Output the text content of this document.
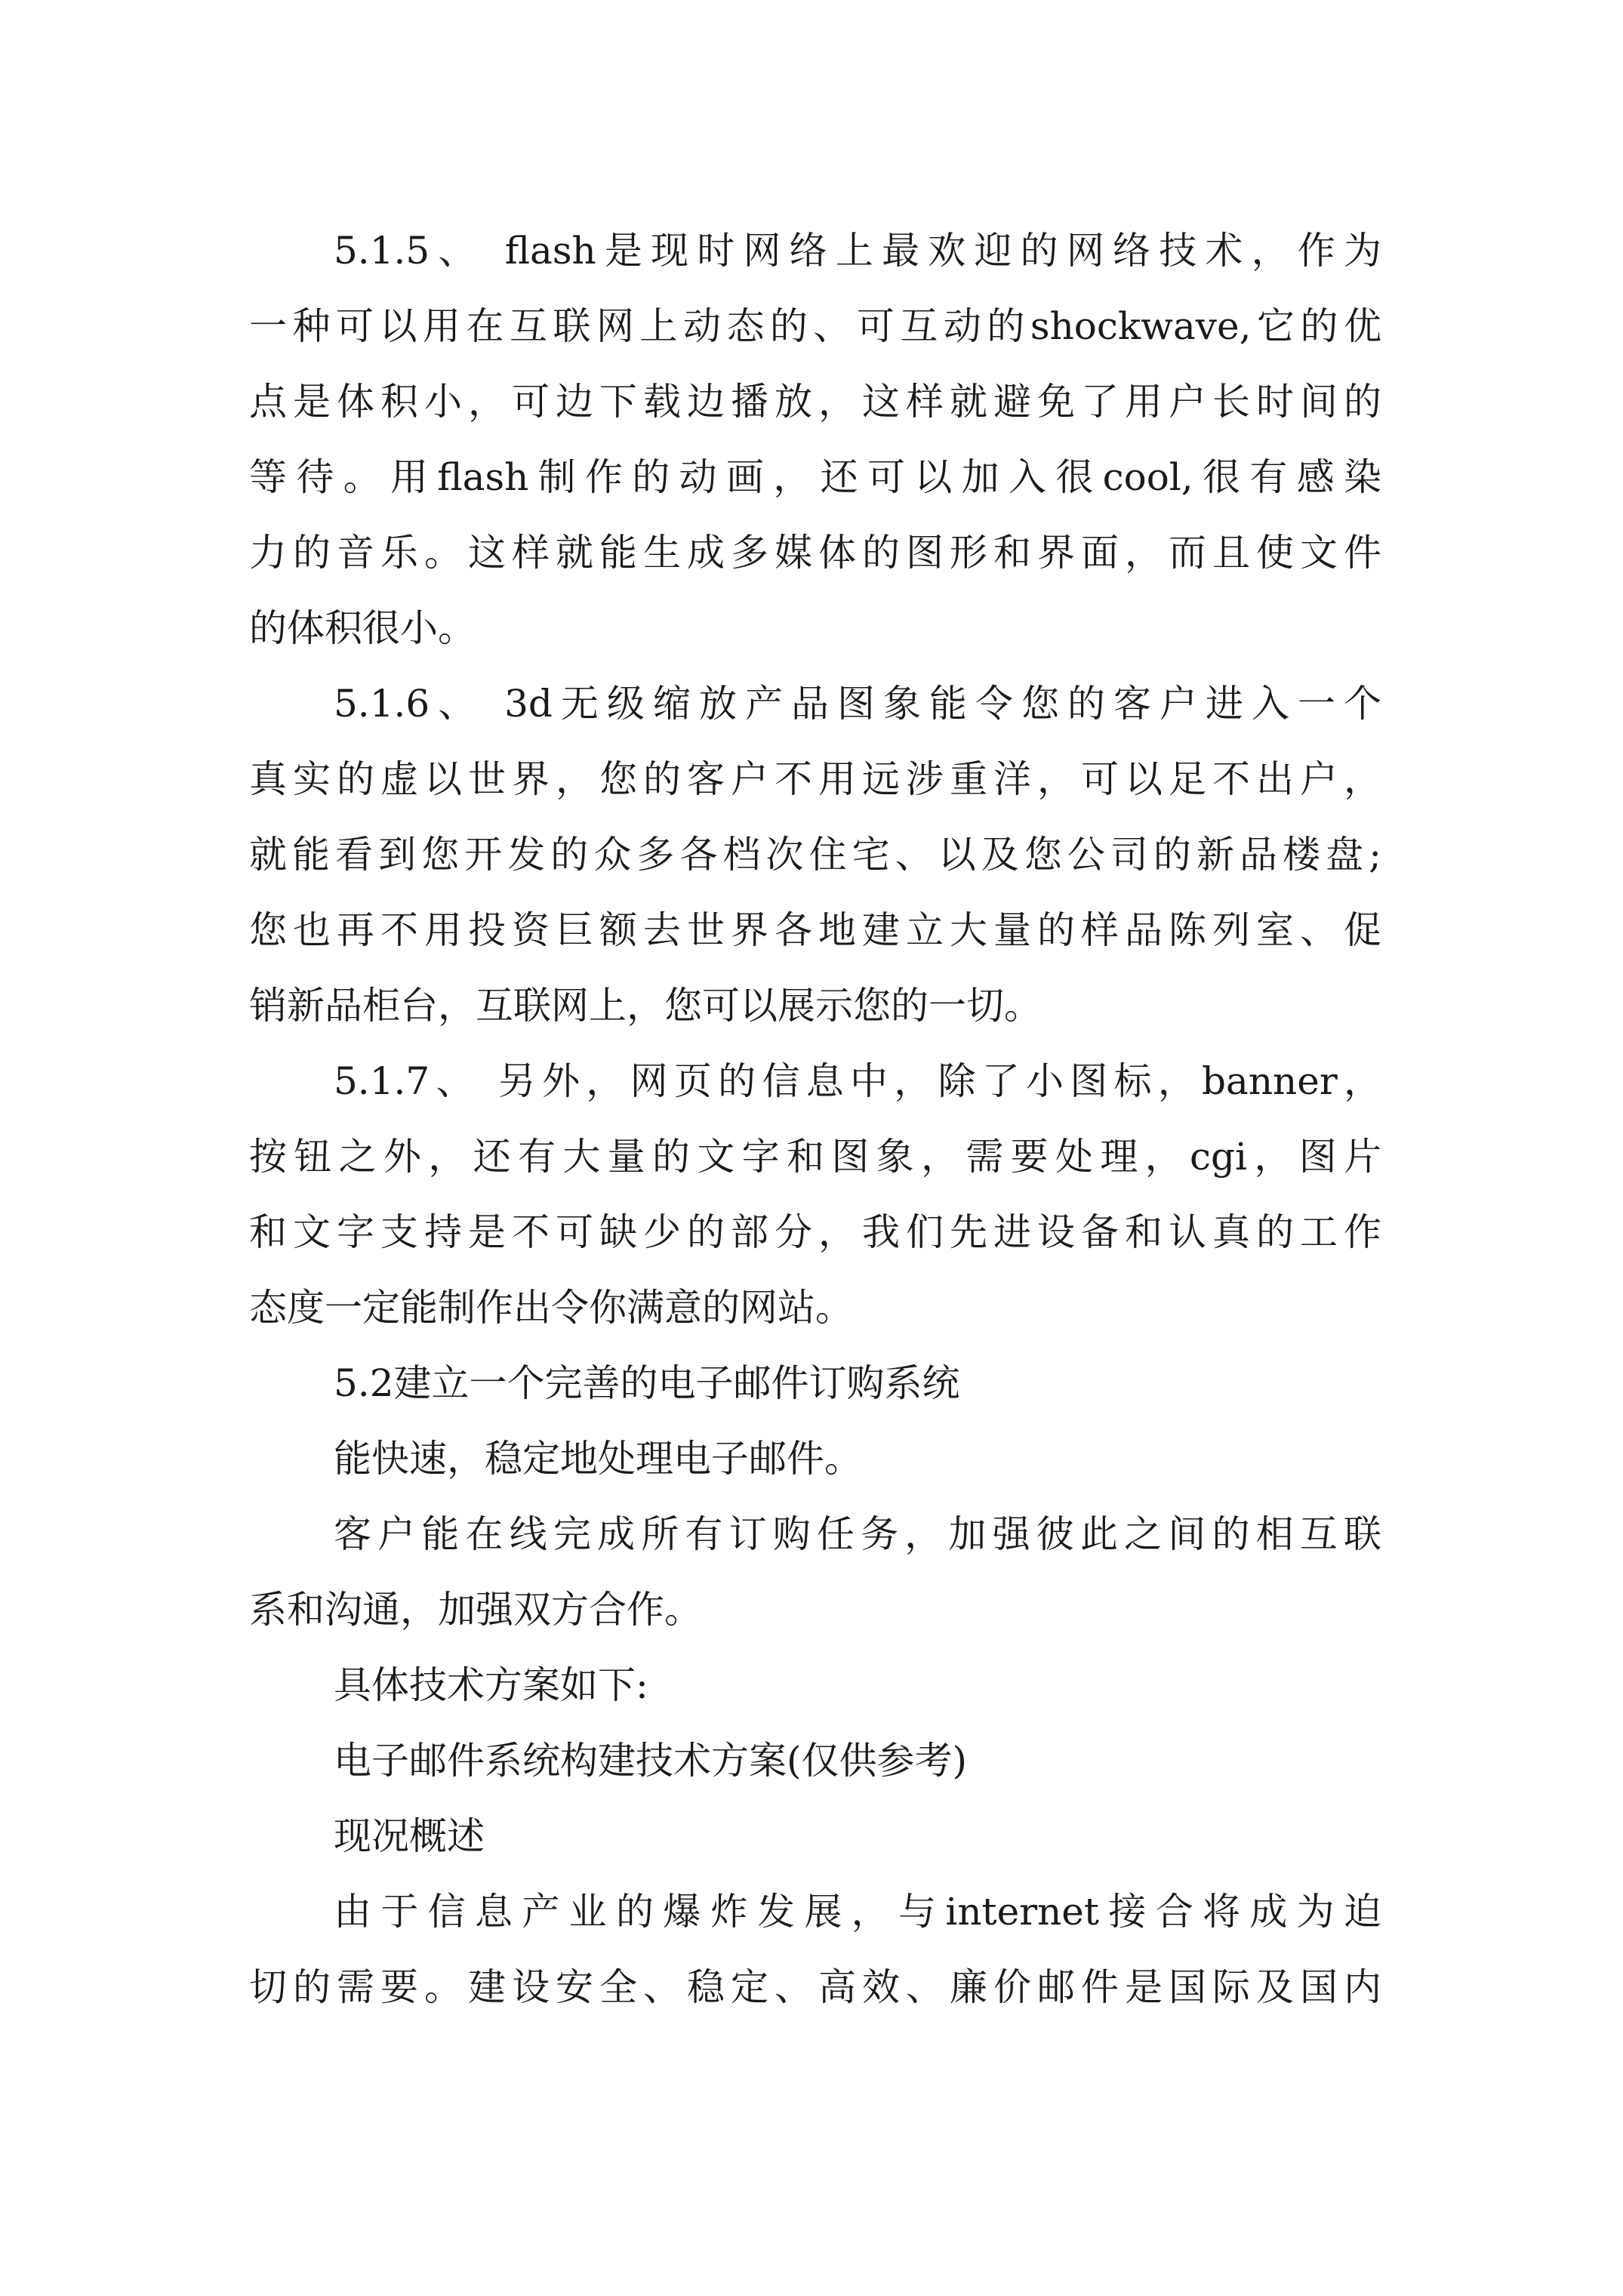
5.1.5、 flash是现时网络上最欢迎的网络技术，作为
一种可以用在互联网上动态的、可互动的shockwave,它的优
点是体积小，可边下载边播放，这样就避免了用户长时间的
等待。用flash制作的动画，还可以加入很cool,很有感染
力的音乐。这样就能生成多媒体的图形和界面，而且使文件
的体积很小。
5.1.6、 3d无级缩放产品图象能令您的客户进入一个
真实的虚以世界，您的客户不用远涉重洋，可以足不出户，
就能看到您开发的众多各档次住宅、以及您公司的新品楼盘;
您也再不用投资巨额去世界各地建立大量的样品陈列室、促
销新品柜台，互联网上，您可以展示您的一切。
5.1.7、 另外，网页的信息中，除了小图标，banner，
按钮之外，还有大量的文字和图象，需要处理，cgi，图片
和文字支持是不可缺少的部分，我们先进设备和认真的工作
态度一定能制作出令你满意的网站。
5.2建立一个完善的电子邮件订购系统
能快速，稳定地处理电子邮件。
客户能在线完成所有订购任务，加强彼此之间的相互联
系和沟通，加强双方合作。
具体技术方案如下:
电子邮件系统构建技术方案(仅供参考)
现况概述
由于信息产业的爆炸发展，与internet接合将成为迫
切的需要。建设安全、稳定、高效、廉价邮件是国际及国内
